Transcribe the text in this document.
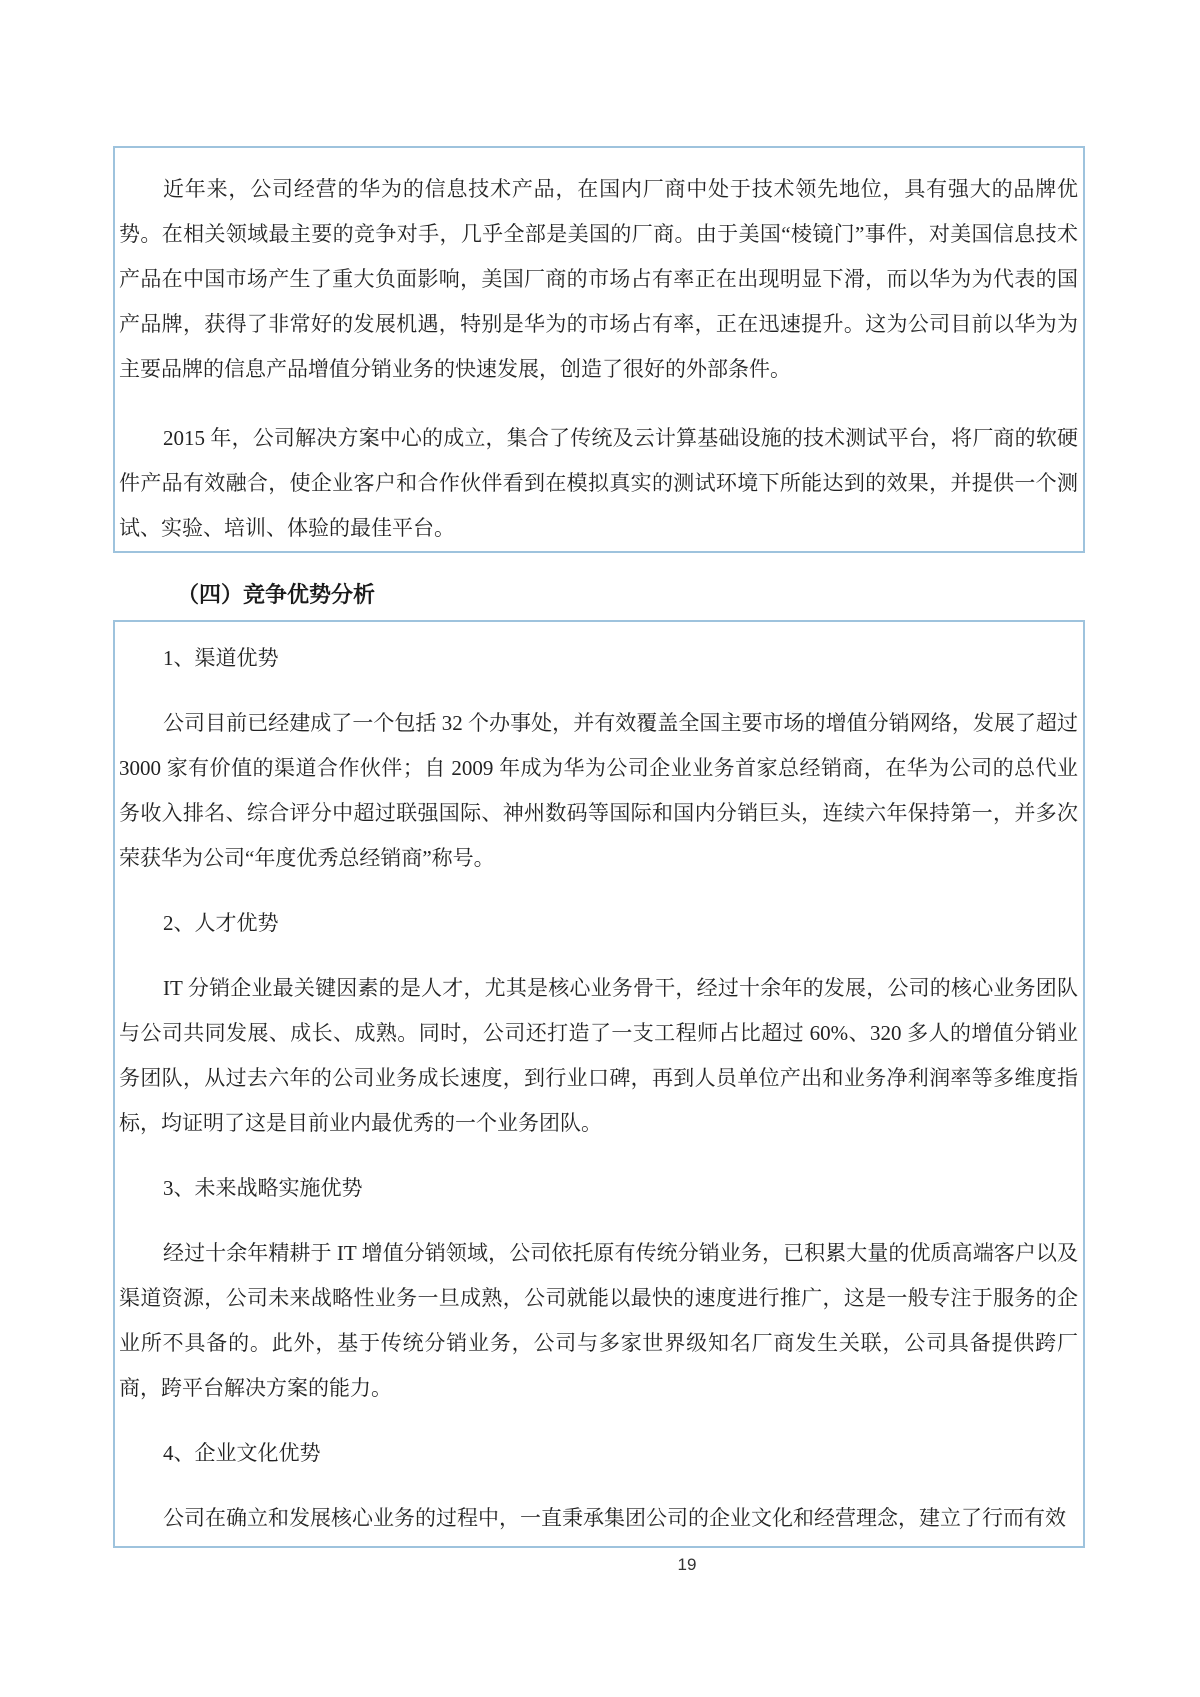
近年来，公司经营的华为的信息技术产品，在国内厂商中处于技术领先地位，具有强大的品牌优势。在相关领域最主要的竞争对手，几乎全部是美国的厂商。由于美国“棱镜门”事件，对美国信息技术产品在中国市场产生了重大负面影响，美国厂商的市场占有率正在出现明显下滑，而以华为为代表的国产品牌，获得了非常好的发展机遇，特别是华为的市场占有率，正在迅速提升。这为公司目前以华为为主要品牌的信息产品增值分销业务的快速发展，创造了很好的外部条件。

2015 年，公司解决方案中心的成立，集合了传统及云计算基础设施的技术测试平台，将厂商的软硬件产品有效融合，使企业客户和合作伙伴看到在模拟真实的测试环境下所能达到的效果，并提供一个测试、实验、培训、体验的最佳平台。

（四）竞争优势分析

1、渠道优势

公司目前已经建成了一个包括 32 个办事处，并有效覆盖全国主要市场的增值分销网络，发展了超过 3000 家有价值的渠道合作伙伴；自 2009 年成为华为公司企业业务首家总经销商，在华为公司的总代业务收入排名、综合评分中超过联强国际、神州数码等国际和国内分销巨头，连续六年保持第一，并多次荣获华为公司“年度优秀总经销商”称号。

2、人才优势

IT 分销企业最关键因素的是人才，尤其是核心业务骨干，经过十余年的发展，公司的核心业务团队与公司共同发展、成长、成熟。同时，公司还打造了一支工程师占比超过 60%、320 多人的增值分销业务团队，从过去六年的公司业务成长速度，到行业口碑，再到人员单位产出和业务净利润率等多维度指标，均证明了这是目前业内最优秀的一个业务团队。

3、未来战略实施优势

经过十余年精耕于 IT 增值分销领域，公司依托原有传统分销业务，已积累大量的优质高端客户以及渠道资源，公司未来战略性业务一旦成熟，公司就能以最快的速度进行推广，这是一般专注于服务的企业所不具备的。此外，基于传统分销业务，公司与多家世界级知名厂商发生关联，公司具备提供跨厂商，跨平台解决方案的能力。

4、企业文化优势

公司在确立和发展核心业务的过程中，一直秉承集团公司的企业文化和经营理念，建立了行而有效

19
